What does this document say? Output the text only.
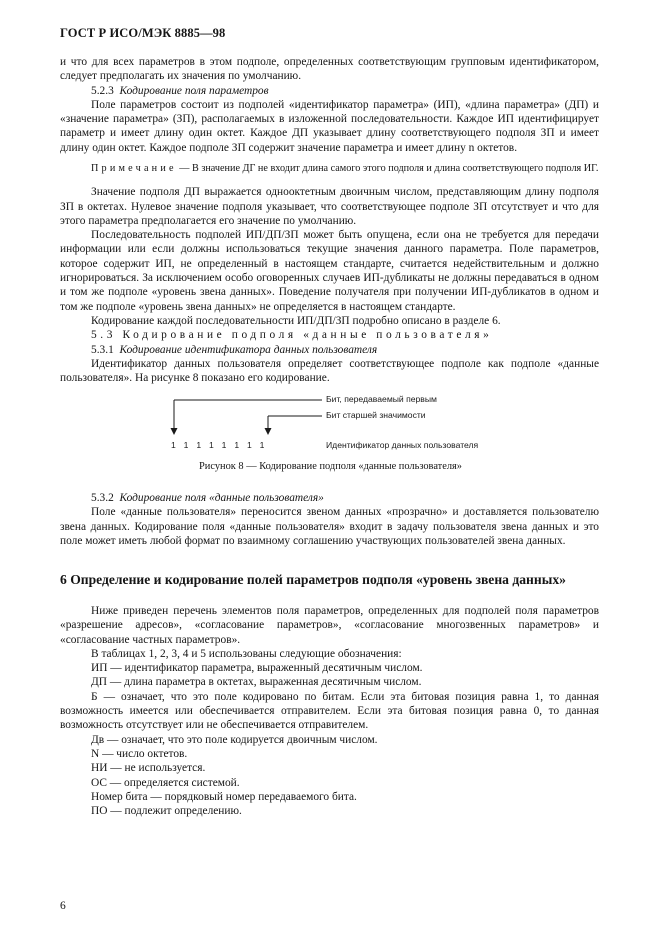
ГОСТ Р ИСО/МЭК 8885—98

и что для всех параметров в этом подполе, определенных соответствующим групповым идентификатором, следует предполагать их значения по умолчанию.

5.2.3 Кодирование поля параметров

Поле параметров состоит из подполей «идентификатор параметра» (ИП), «длина параметра» (ДП) и «значение параметра» (ЗП), располагаемых в изложенной последовательности. Каждое ИП идентифицирует параметр и имеет длину один октет. Каждое ДП указывает длину соответствующего подполя ЗП и имеет длину один октет. Каждое подполе ЗП содержит значение параметра и имеет длину n октетов.

Примечание — В значение ДГ не входит длина самого этого подполя и длина соответствующего подполя ИГ.

Значение подполя ДП выражается однооктетным двоичным числом, представляющим длину подполя ЗП в октетах. Нулевое значение подполя указывает, что соответствующее подполе ЗП отсутствует и что для этого параметра предполагается его значение по умолчанию.

Последовательность подполей ИП/ДП/ЗП может быть опущена, если она не требуется для передачи информации или если должны использоваться текущие значения данного параметра. Поле параметров, которое содержит ИП, не определенный в настоящем стандарте, считается недействительным и должно игнорироваться. За исключением особо оговоренных случаев ИП-дубликаты не должны передаваться в одном и том же подполе «уровень звена данных». Поведение получателя при получении ИП-дубликатов в одном и том же подполе «уровень звена данных» не определяется в настоящем стандарте.

Кодирование каждой последовательности ИП/ДП/ЗП подробно описано в разделе 6.

5.3 Кодирование подполя «данные пользователя»

5.3.1 Кодирование идентификатора данных пользователя

Идентификатор данных пользователя определяет соответствующее подполе как подполе «данные пользователя». На рисунке 8 показано его кодирование.

Бит, передаваемый первым
Бит старшей значимости
1 1 1 1 1 1 1 1	Идентификатор данных пользователя
Рисунок 8 — Кодирование подполя «данные пользователя»

5.3.2 Кодирование поля «данные пользователя»

Поле «данные пользователя» переносится звеном данных «прозрачно» и доставляется пользователю звена данных. Кодирование поля «данные пользователя» входит в задачу пользователя звена данных и это поле может иметь любой формат по взаимному соглашению участвующих пользователей звена данных.

6 Определение и кодирование полей параметров подполя «уровень звена данных»

Ниже приведен перечень элементов поля параметров, определенных для подполей поля параметров «разрешение адресов», «согласование параметров», «согласование многозвенных параметров» и «согласование частных параметров».

В таблицах 1, 2, 3, 4 и 5 использованы следующие обозначения:

ИП — идентификатор параметра, выраженный десятичным числом.

ДП — длина параметра в октетах, выраженная десятичным числом.

Б — означает, что это поле кодировано по битам. Если эта битовая позиция равна 1, то данная возможность имеется или обеспечивается отправителем. Если эта битовая позиция равна 0, то данная возможность отсутствует или не обеспечивается отправителем.

Дв — означает, что это поле кодируется двоичным числом.

N — число октетов.

НИ — не используется.

ОС — определяется системой.

Номер бита — порядковый номер передаваемого бита.

ПО — подлежит определению.

6
